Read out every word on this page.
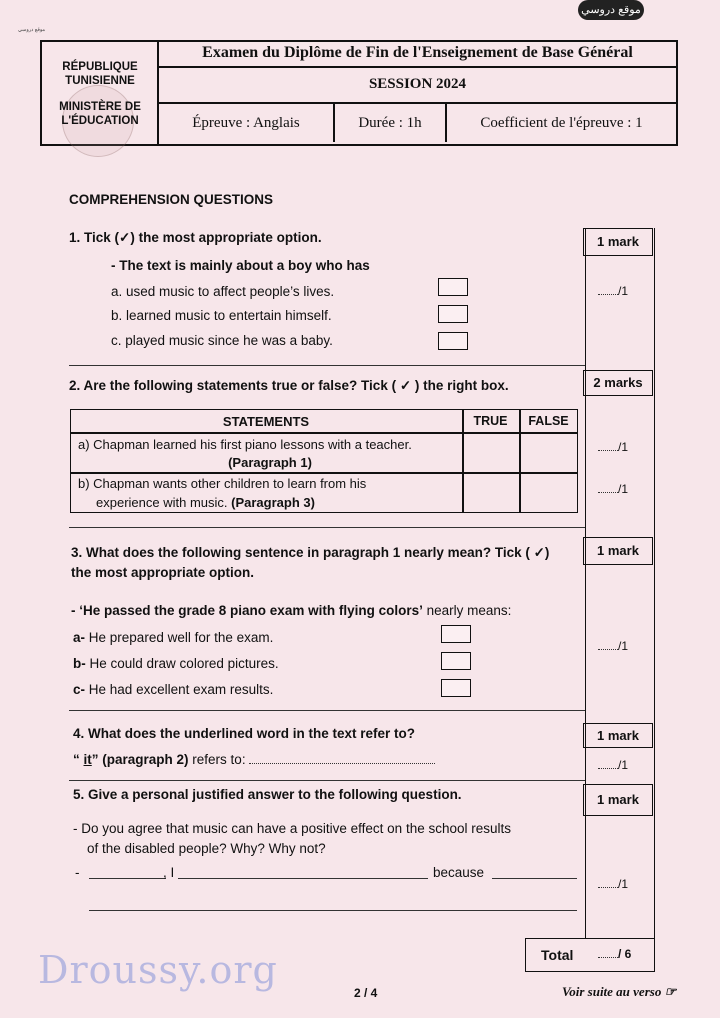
موقع دروسي
موقع دروسي
RÉPUBLIQUE
TUNISIENNE
MINISTÈRE DE
L'ÉDUCATION
Examen du Diplôme de Fin de l'Enseignement de Base Général
SESSION 2024
Épreuve : Anglais	Durée : 1h	Coefficient de l'épreuve : 1
COMPREHENSION QUESTIONS
1. Tick (✓) the most appropriate option.	1 mark
- The text is mainly about a boy who has
a. used music to affect people’s lives.
b. learned music to entertain himself.
c. played music since he was a baby.
/1
2. Are the following statements true or false? Tick ( ✓ ) the right box.	2 marks
STATEMENTS	TRUE	FALSE
a) Chapman learned his first piano lessons with a teacher.
(Paragraph 1)
b) Chapman wants other children to learn from his
experience with music. (Paragraph 3)
/1
/1
3. What does the following sentence in paragraph 1 nearly mean? Tick ( ✓)
the most appropriate option.
1 mark
- ‘He passed the grade 8 piano exam with flying colors’ nearly means:
a- He prepared well for the exam.
b- He could draw colored pictures.
c- He had excellent exam results.
/1
4. What does the underlined word in the text refer to?	1 mark
“ it” (paragraph 2) refers to:	/1
5. Give a personal justified answer to the following question.	1 mark
- Do you agree that music can have a positive effect on the school results
of the disabled people? Why? Why not?
-	, I	because
/1
Total	/ 6
Droussy.org
2 / 4	Voir suite au verso ☞
